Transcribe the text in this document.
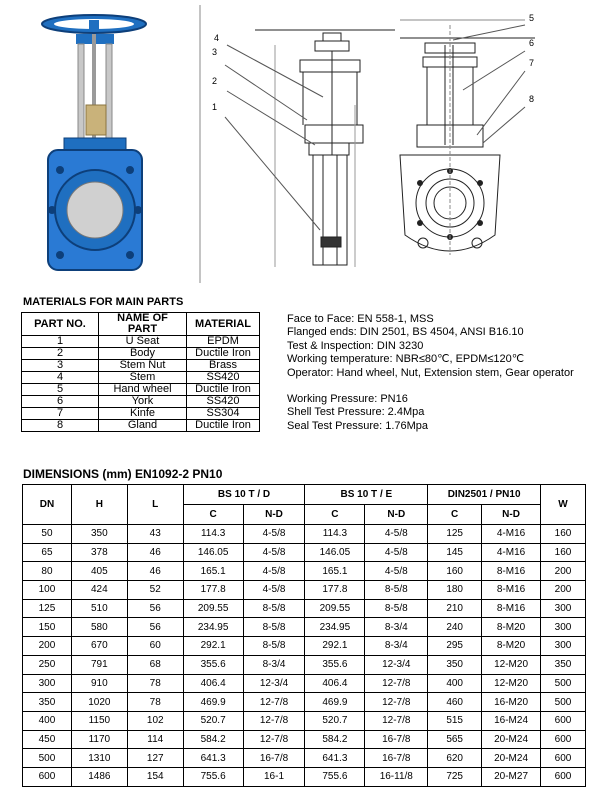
1
2
3
4
5
6
7
8
MATERIALS FOR MAIN PARTS
PART NO.	NAME OF PART	MATERIAL
1	U Seat	EPDM
2	Body	Ductile Iron
3	Stem Nut	Brass
4	Stem	SS420
5	Hand wheel	Ductile Iron
6	York	SS420
7	Kinfe	SS304
8	Gland	Ductile Iron
Face to Face: EN 558-1, MSS
Flanged ends: DIN 2501, BS 4504, ANSI B16.10
Test & Inspection: DIN 3230
Working temperature: NBR≤80℃, EPDM≤120℃
Operator: Hand wheel, Nut, Extension stem, Gear operator
Working Pressure: PN16
Shell Test Pressure: 2.4Mpa
Seal Test Pressure: 1.76Mpa
DIMENSIONS (mm) EN1092-2 PN10
DN	H	L	BS 10 T / D		BS 10 T / E		DIN2501 / PN10		W
			C	N-D	C	N-D	C	N-D	
50	350	43	114.3	4-5/8	114.3	4-5/8	125	4-M16	160
65	378	46	146.05	4-5/8	146.05	4-5/8	145	4-M16	160
80	405	46	165.1	4-5/8	165.1	4-5/8	160	8-M16	200
100	424	52	177.8	4-5/8	177.8	8-5/8	180	8-M16	200
125	510	56	209.55	8-5/8	209.55	8-5/8	210	8-M16	300
150	580	56	234.95	8-5/8	234.95	8-3/4	240	8-M20	300
200	670	60	292.1	8-5/8	292.1	8-3/4	295	8-M20	300
250	791	68	355.6	8-3/4	355.6	12-3/4	350	12-M20	350
300	910	78	406.4	12-3/4	406.4	12-7/8	400	12-M20	500
350	1020	78	469.9	12-7/8	469.9	12-7/8	460	16-M20	500
400	1150	102	520.7	12-7/8	520.7	12-7/8	515	16-M24	600
450	1170	114	584.2	12-7/8	584.2	16-7/8	565	20-M24	600
500	1310	127	641.3	16-7/8	641.3	16-7/8	620	20-M24	600
600	1486	154	755.6	16-1	755.6	16-11/8	725	20-M27	600
